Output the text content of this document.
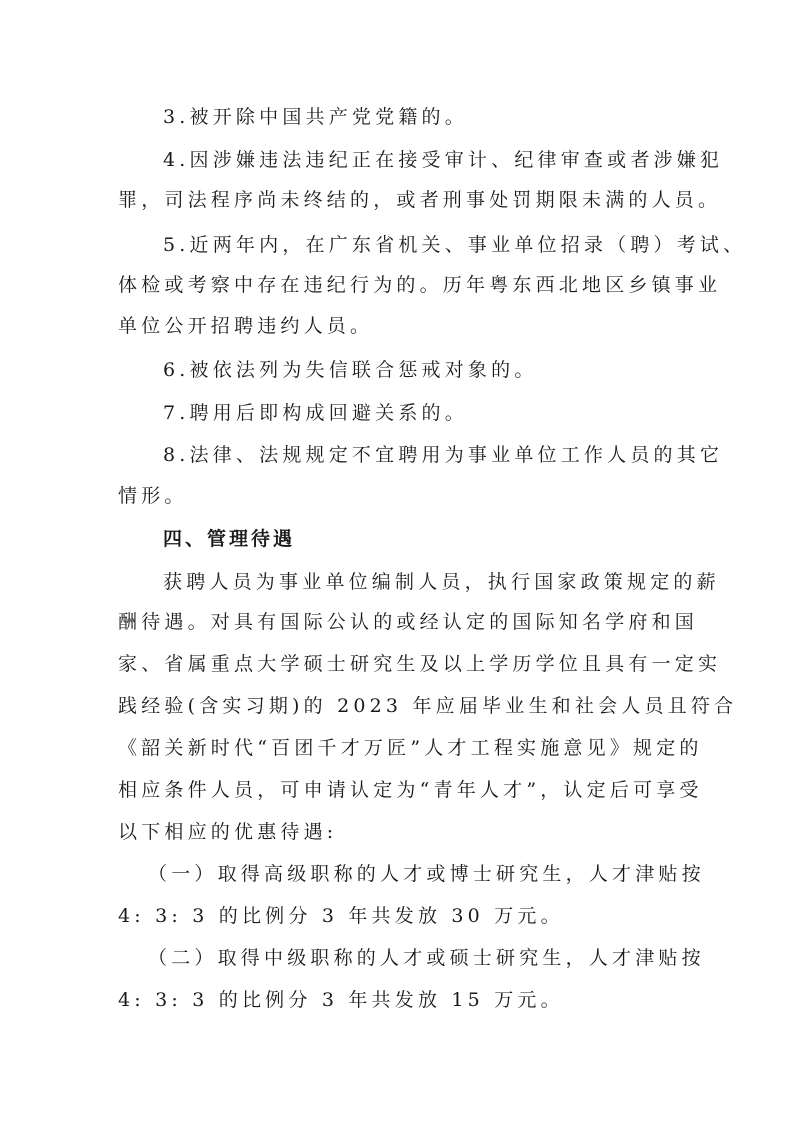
3.被开除中国共产党党籍的。
4.因涉嫌违法违纪正在接受审计、纪律审查或者涉嫌犯
罪，司法程序尚未终结的，或者刑事处罚期限未满的人员。
5.近两年内，在广东省机关、事业单位招录（聘）考试、
体检或考察中存在违纪行为的。历年粤东西北地区乡镇事业
单位公开招聘违约人员。
6.被依法列为失信联合惩戒对象的。
7.聘用后即构成回避关系的。
8.法律、法规规定不宜聘用为事业单位工作人员的其它
情形。
四、管理待遇
获聘人员为事业单位编制人员，执行国家政策规定的薪
酬待遇。对具有国际公认的或经认定的国际知名学府和国
家、省属重点大学硕士研究生及以上学历学位且具有一定实
践经验(含实习期)的 2023 年应届毕业生和社会人员且符合
《韶关新时代“百团千才万匠”人才工程实施意见》规定的
相应条件人员，可申请认定为“青年人才”，认定后可享受
以下相应的优惠待遇:
（一）取得高级职称的人才或博士研究生，人才津贴按
4: 3: 3 的比例分 3 年共发放 30 万元。
（二）取得中级职称的人才或硕士研究生，人才津贴按
4: 3: 3 的比例分 3 年共发放 15 万元。
